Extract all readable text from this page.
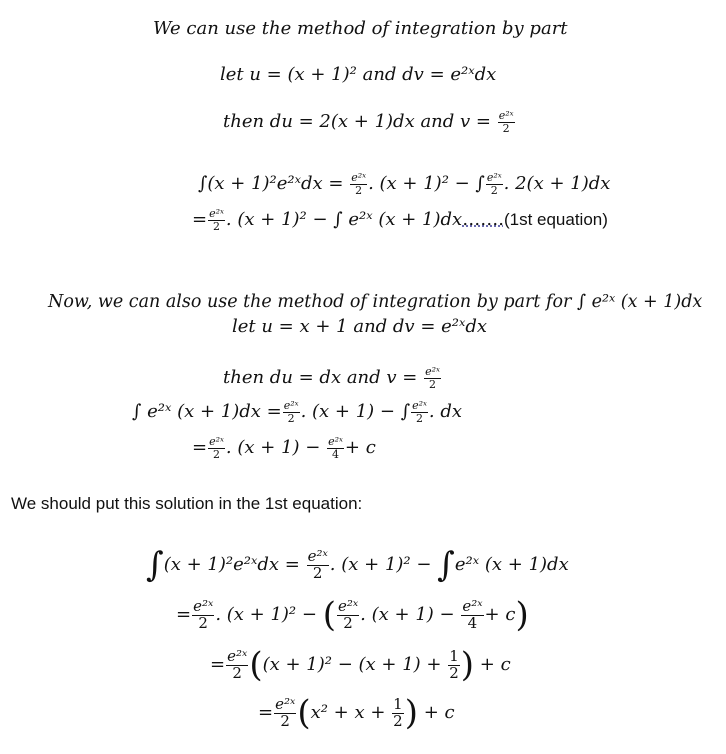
We can use the method of integration by part
let u = (x + 1)² and dv = e²ˣdx
then du = 2(x + 1)dx and $v = \frac{\text{e²ˣ}}{2}$
∫(x + 1)²e²ˣdx = $\frac{\text{e²ˣ}}{2}$ . (x + 1)² − ∫ $\frac{\text{e²ˣ}}{2}$ . 2(x + 1)dx
= $\frac{\text{e²ˣ}}{2}$ . (x + 1)² − ∫ e²ˣ (x + 1)dx…….(1st equation)
Now, we can also use the method of integration by part for ∫ e²ˣ (x + 1)dx
let u = x + 1 and dv = e²ˣdx
then du = dx and $v = \frac{\text{e²ˣ}}{2}$
∫ e²ˣ $(x + 1)dx = \frac{\text{e²ˣ}}{2}$ . (x + 1) − ∫ $\frac{\text{e²ˣ}}{2}$ . dx
= $\frac{\text{e²ˣ}}{2}$ . $(x + 1) - \frac{\text{e²ˣ}}{4} + c$
We should put this solution in the 1st equation:
∫(x + 1)²e²ˣdx = $\frac{\text{e²ˣ}}{2}$ . (x + 1)² − ∫e²ˣ (x + 1)dx
= $\frac{\text{e²ˣ}}{2}$ . (x + 1)² − ( $\frac{\text{e²ˣ}}{2}$ . $(x + 1) - \frac{\text{e²ˣ}}{4} + c$)
= $\frac{\text{e²ˣ}}{2} ((x + 1)^2 - (x + 1) + \frac{1}{2}$ ) + c
= $\frac{\text{e²ˣ}}{2} (x^2 + x + \frac{1}{2}$ ) + c
